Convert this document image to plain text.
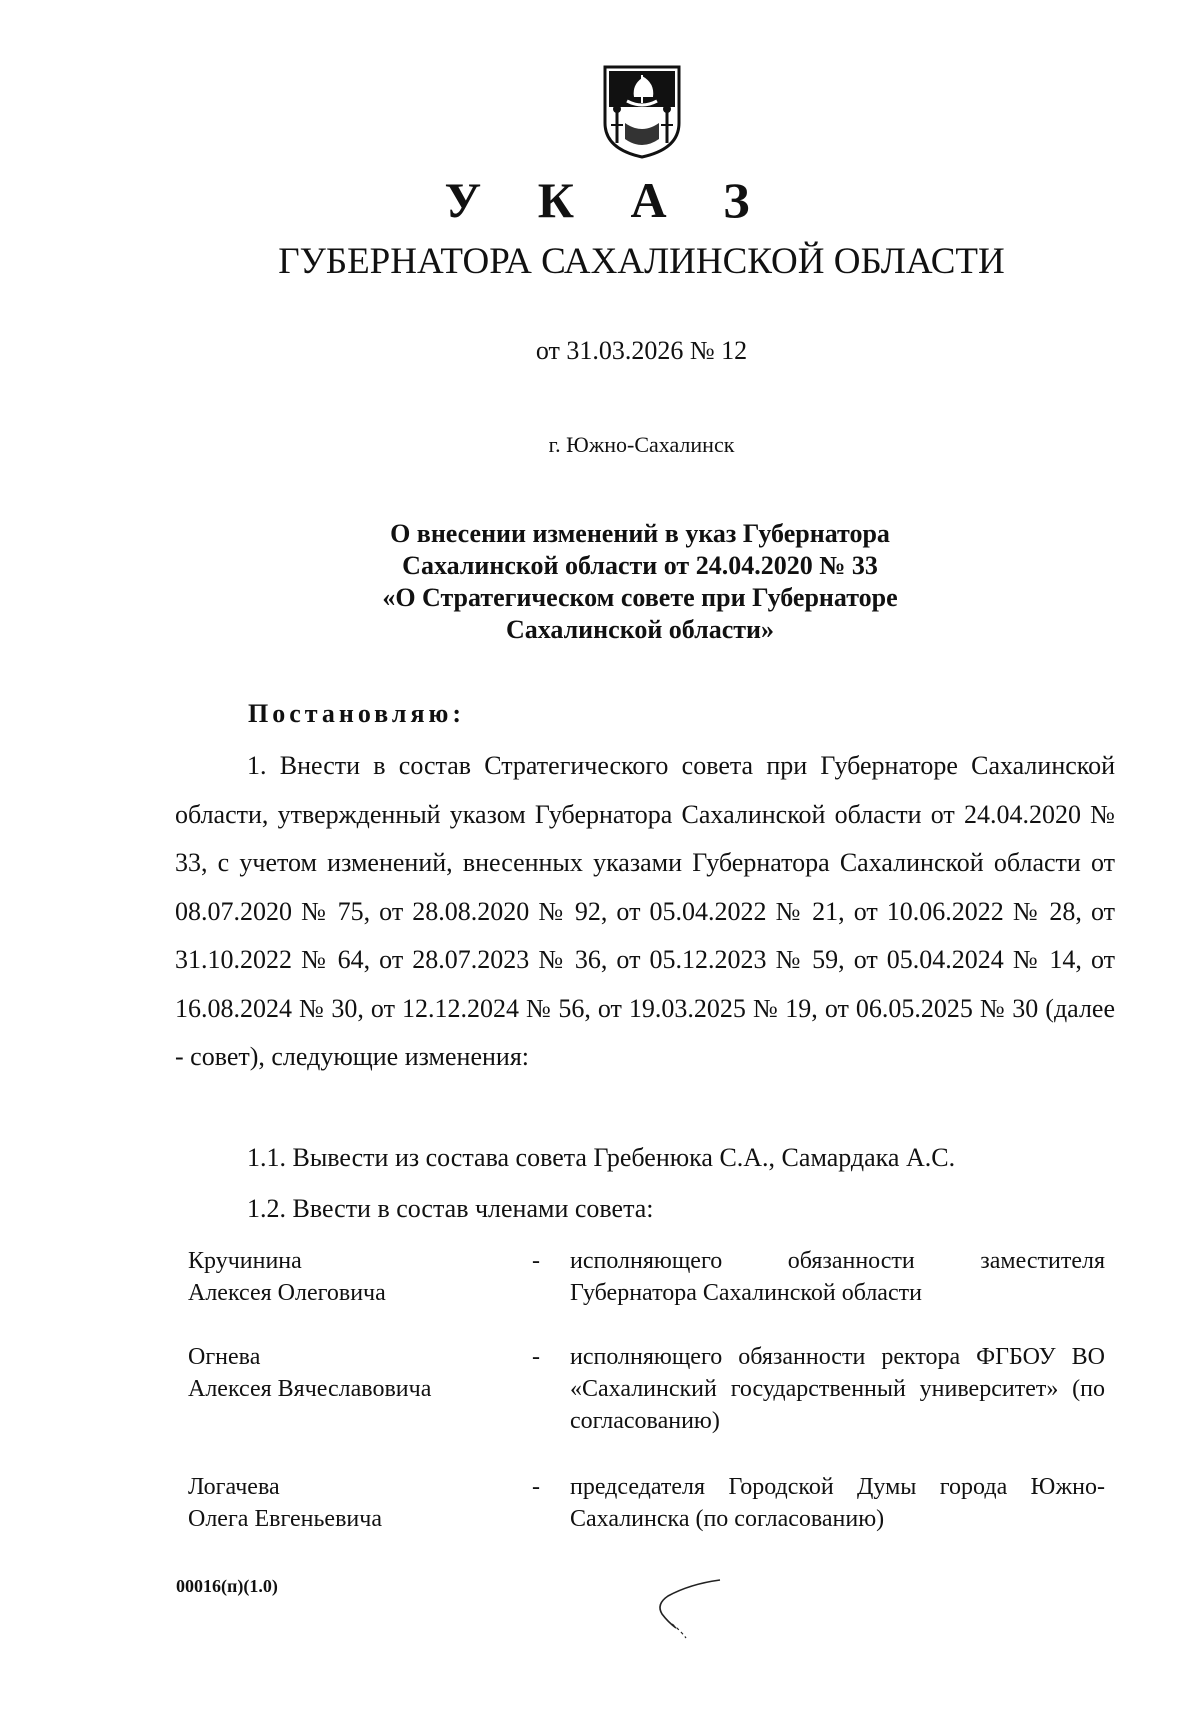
У К А З
ГУБЕРНАТОРА САХАЛИНСКОЙ ОБЛАСТИ
от 31.03.2026 № 12
г. Южно-Сахалинск
О внесении изменений в указ Губернатора
Сахалинской области от 24.04.2020 № 33
«О Стратегическом совете при Губернаторе
Сахалинской области»
Постановляю:
1. Внести в состав Стратегического совета при Губернаторе Сахалинской области, утвержденный указом Губернатора Сахалинской области от 24.04.2020 № 33, с учетом изменений, внесенных указами Губернатора Сахалинской области от 08.07.2020 № 75, от 28.08.2020 № 92, от 05.04.2022 № 21, от 10.06.2022 № 28, от 31.10.2022 № 64, от 28.07.2023 № 36, от 05.12.2023 № 59, от 05.04.2024 № 14, от 16.08.2024 № 30, от 12.12.2024 № 56, от 19.03.2025 № 19, от 06.05.2025 № 30 (далее - совет), следующие изменения:
1.1. Вывести из состава совета Гребенюка С.А., Самардака А.С.
1.2. Ввести в состав членами совета:
Кручинина
Алексея Олеговича
- исполняющего обязанности заместителя Губернатора Сахалинской области
Огнева
Алексея Вячеславовича
- исполняющего обязанности ректора ФГБОУ ВО «Сахалинский государственный университет» (по согласованию)
Логачева
Олега Евгеньевича
- председателя Городской Думы города Южно-Сахалинска (по согласованию)
00016(п)(1.0)
